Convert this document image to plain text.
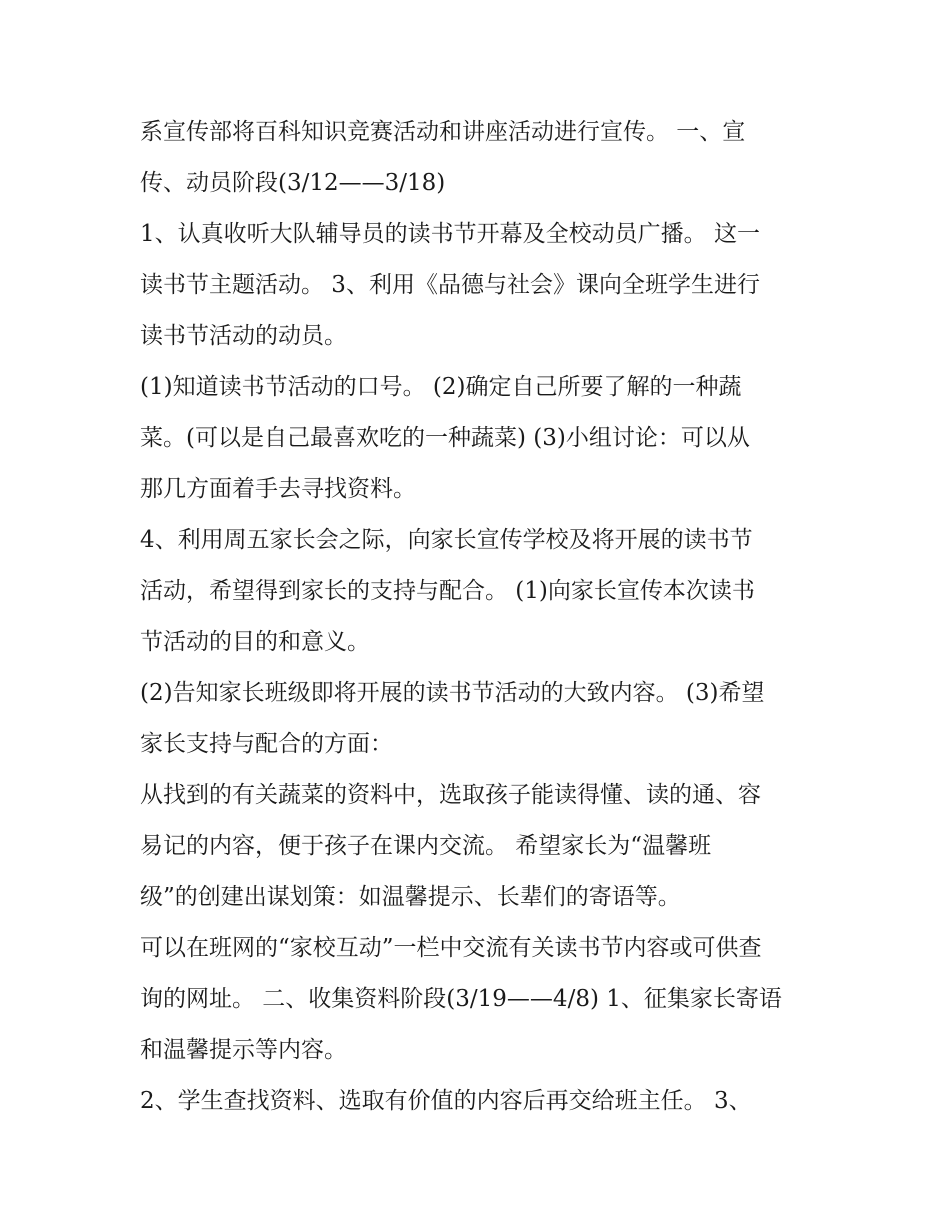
系宣传部将百科知识竞赛活动和讲座活动进行宣传。 一、宣
传、动员阶段(3/12——3/18)
1、认真收听大队辅导员的读书节开幕及全校动员广播。 这一
读书节主题活动。 3、利用《品德与社会》课向全班学生进行
读书节活动的动员。
(1)知道读书节活动的口号。 (2)确定自己所要了解的一种蔬
菜。(可以是自己最喜欢吃的一种蔬菜) (3)小组讨论：可以从
那几方面着手去寻找资料。
4、利用周五家长会之际，向家长宣传学校及将开展的读书节
活动，希望得到家长的支持与配合。 (1)向家长宣传本次读书
节活动的目的和意义。
(2)告知家长班级即将开展的读书节活动的大致内容。 (3)希望
家长支持与配合的方面：
从找到的有关蔬菜的资料中，选取孩子能读得懂、读的通、容
易记的内容，便于孩子在课内交流。 希望家长为“温馨班
级”的创建出谋划策：如温馨提示、长辈们的寄语等。
可以在班网的“家校互动”一栏中交流有关读书节内容或可供查
询的网址。 二、收集资料阶段(3/19——4/8) 1、征集家长寄语
和温馨提示等内容。
2、学生查找资料、选取有价值的内容后再交给班主任。 3、
